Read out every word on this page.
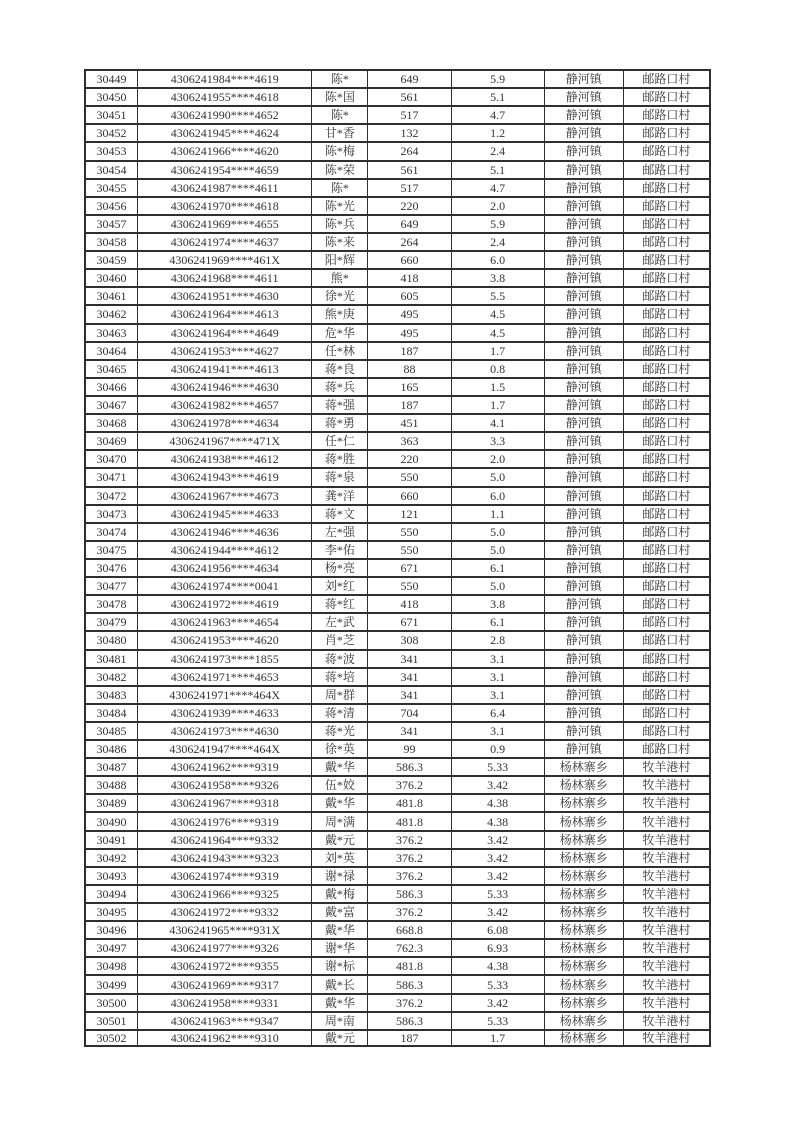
30449	4306241984****4619	陈*	649	5.9	静河镇	邮路口村
30450	4306241955****4618	陈*国	561	5.1	静河镇	邮路口村
30451	4306241990****4652	陈*	517	4.7	静河镇	邮路口村
30452	4306241945****4624	甘*香	132	1.2	静河镇	邮路口村
30453	4306241966****4620	陈*梅	264	2.4	静河镇	邮路口村
30454	4306241954****4659	陈*荣	561	5.1	静河镇	邮路口村
30455	4306241987****4611	陈*	517	4.7	静河镇	邮路口村
30456	4306241970****4618	陈*光	220	2.0	静河镇	邮路口村
30457	4306241969****4655	陈*兵	649	5.9	静河镇	邮路口村
30458	4306241974****4637	陈*来	264	2.4	静河镇	邮路口村
30459	4306241969****461X	阳*辉	660	6.0	静河镇	邮路口村
30460	4306241968****4611	熊*	418	3.8	静河镇	邮路口村
30461	4306241951****4630	徐*光	605	5.5	静河镇	邮路口村
30462	4306241964****4613	熊*庚	495	4.5	静河镇	邮路口村
30463	4306241964****4649	危*华	495	4.5	静河镇	邮路口村
30464	4306241953****4627	任*林	187	1.7	静河镇	邮路口村
30465	4306241941****4613	蒋*良	88	0.8	静河镇	邮路口村
30466	4306241946****4630	蒋*兵	165	1.5	静河镇	邮路口村
30467	4306241982****4657	蒋*强	187	1.7	静河镇	邮路口村
30468	4306241978****4634	蒋*勇	451	4.1	静河镇	邮路口村
30469	4306241967****471X	任*仁	363	3.3	静河镇	邮路口村
30470	4306241938****4612	蒋*胜	220	2.0	静河镇	邮路口村
30471	4306241943****4619	蒋*泉	550	5.0	静河镇	邮路口村
30472	4306241967****4673	龚*洋	660	6.0	静河镇	邮路口村
30473	4306241945****4633	蒋*文	121	1.1	静河镇	邮路口村
30474	4306241946****4636	左*强	550	5.0	静河镇	邮路口村
30475	4306241944****4612	李*佑	550	5.0	静河镇	邮路口村
30476	4306241956****4634	杨*亮	671	6.1	静河镇	邮路口村
30477	4306241974****0041	刘*红	550	5.0	静河镇	邮路口村
30478	4306241972****4619	蒋*红	418	3.8	静河镇	邮路口村
30479	4306241963****4654	左*武	671	6.1	静河镇	邮路口村
30480	4306241953****4620	肖*芝	308	2.8	静河镇	邮路口村
30481	4306241973****1855	蒋*波	341	3.1	静河镇	邮路口村
30482	4306241971****4653	蒋*培	341	3.1	静河镇	邮路口村
30483	4306241971****464X	周*群	341	3.1	静河镇	邮路口村
30484	4306241939****4633	蒋*清	704	6.4	静河镇	邮路口村
30485	4306241973****4630	蒋*光	341	3.1	静河镇	邮路口村
30486	4306241947****464X	徐*英	99	0.9	静河镇	邮路口村
30487	4306241962****9319	戴*华	586.3	5.33	杨林寨乡	牧羊港村
30488	4306241958****9326	伍*姣	376.2	3.42	杨林寨乡	牧羊港村
30489	4306241967****9318	戴*华	481.8	4.38	杨林寨乡	牧羊港村
30490	4306241976****9319	周*满	481.8	4.38	杨林寨乡	牧羊港村
30491	4306241964****9332	戴*元	376.2	3.42	杨林寨乡	牧羊港村
30492	4306241943****9323	刘*英	376.2	3.42	杨林寨乡	牧羊港村
30493	4306241974****9319	谢*禄	376.2	3.42	杨林寨乡	牧羊港村
30494	4306241966****9325	戴*梅	586.3	5.33	杨林寨乡	牧羊港村
30495	4306241972****9332	戴*富	376.2	3.42	杨林寨乡	牧羊港村
30496	4306241965****931X	戴*华	668.8	6.08	杨林寨乡	牧羊港村
30497	4306241977****9326	谢*华	762.3	6.93	杨林寨乡	牧羊港村
30498	4306241972****9355	谢*标	481.8	4.38	杨林寨乡	牧羊港村
30499	4306241969****9317	戴*长	586.3	5.33	杨林寨乡	牧羊港村
30500	4306241958****9331	戴*华	376.2	3.42	杨林寨乡	牧羊港村
30501	4306241963****9347	周*南	586.3	5.33	杨林寨乡	牧羊港村
30502	4306241962****9310	戴*元	187	1.7	杨林寨乡	牧羊港村
